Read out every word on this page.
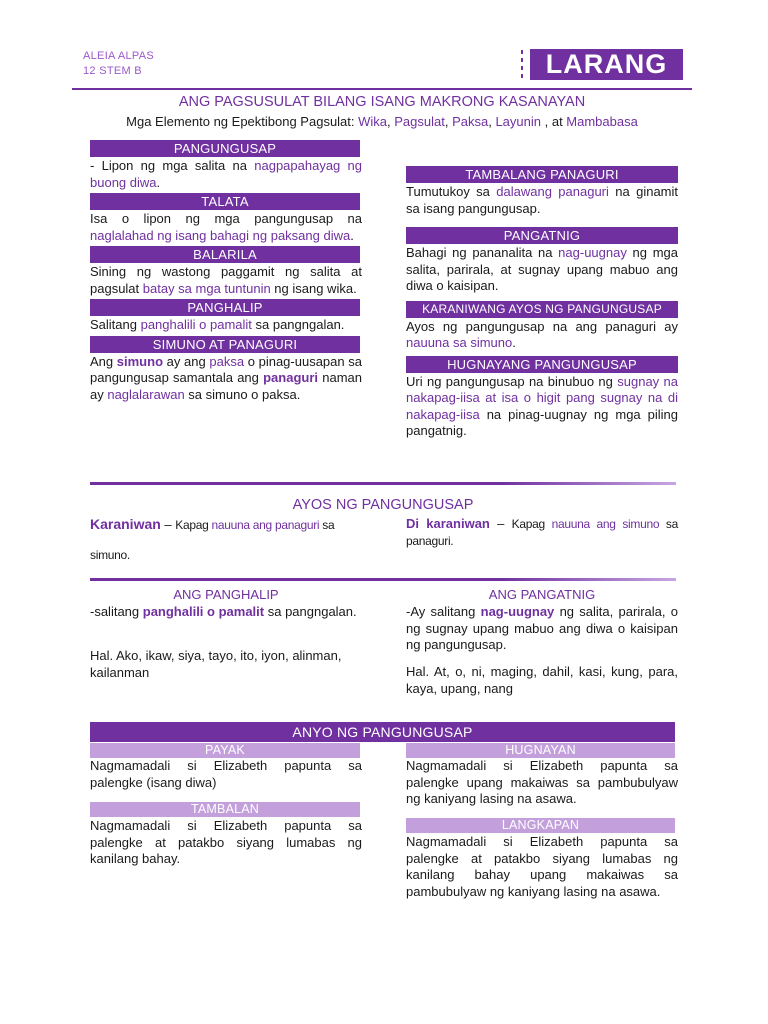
ALEIA ALPAS
12 STEM B	LARANG
ANG PAGSUSULAT BILANG ISANG MAKRONG KASANAYAN
Mga Elemento ng Epektibong Pagsulat: Wika, Pagsulat, Paksa, Layunin , at Mambabasa
PANGUNGUSAP
- Lipon ng mga salita na nagpapahayag ng buong diwa.
TALATA
Isa o lipon ng mga pangungusap na naglalahad ng isang bahagi ng paksang diwa.
BALARILA
Sining ng wastong paggamit ng salita at pagsulat batay sa mga tuntunin ng isang wika.
PANGHALIP
Salitang panghalili o pamalit sa pangngalan.
SIMUNO AT PANAGURI
Ang simuno ay ang paksa o pinag-uusapan sa pangungusap samantala ang panaguri naman ay naglalarawan sa simuno o paksa.
TAMBALANG PANAGURI
Tumutukoy sa dalawang panaguri na ginamit sa isang pangungusap.
PANGATNIG
Bahagi ng pananalita na nag-uugnay ng mga salita, parirala, at sugnay upang mabuo ang diwa o kaisipan.
KARANIWANG AYOS NG PANGUNGUSAP
Ayos ng pangungusap na ang panaguri ay nauuna sa simuno.
HUGNAYANG PANGUNGUSAP
Uri ng pangungusap na binubuo ng sugnay na nakapag-iisa at isa o higit pang sugnay na di nakapag-iisa na pinag-uugnay ng mga piling pangatnig.
AYOS NG PANGUNGUSAP
Karaniwan – Kapag nauuna ang panaguri sa
simuno.
Di karaniwan – Kapag nauuna ang simuno sa panaguri.
ANG PANGHALIP
-salitang panghalili o pamalit sa pangngalan.
Hal. Ako, ikaw, siya, tayo, ito, iyon, alinman, kailanman
ANG PANGATNIG
-Ay salitang nag-uugnay ng salita, parirala, o ng sugnay upang mabuo ang diwa o kaisipan ng pangungusap.
Hal. At, o, ni, maging, dahil, kasi, kung, para, kaya, upang, nang
ANYO NG PANGUNGUSAP
PAYAK
Nagmamadali si Elizabeth papunta sa palengke (isang diwa)
TAMBALAN
Nagmamadali si Elizabeth papunta sa palengke at patakbo siyang lumabas ng kanilang bahay.
HUGNAYAN
Nagmamadali si Elizabeth papunta sa palengke upang makaiwas sa pambubulyaw ng kaniyang lasing na asawa.
LANGKAPAN
Nagmamadali si Elizabeth papunta sa palengke at patakbo siyang lumabas ng kanilang bahay upang makaiwas sa pambubulyaw ng kaniyang lasing na asawa.
